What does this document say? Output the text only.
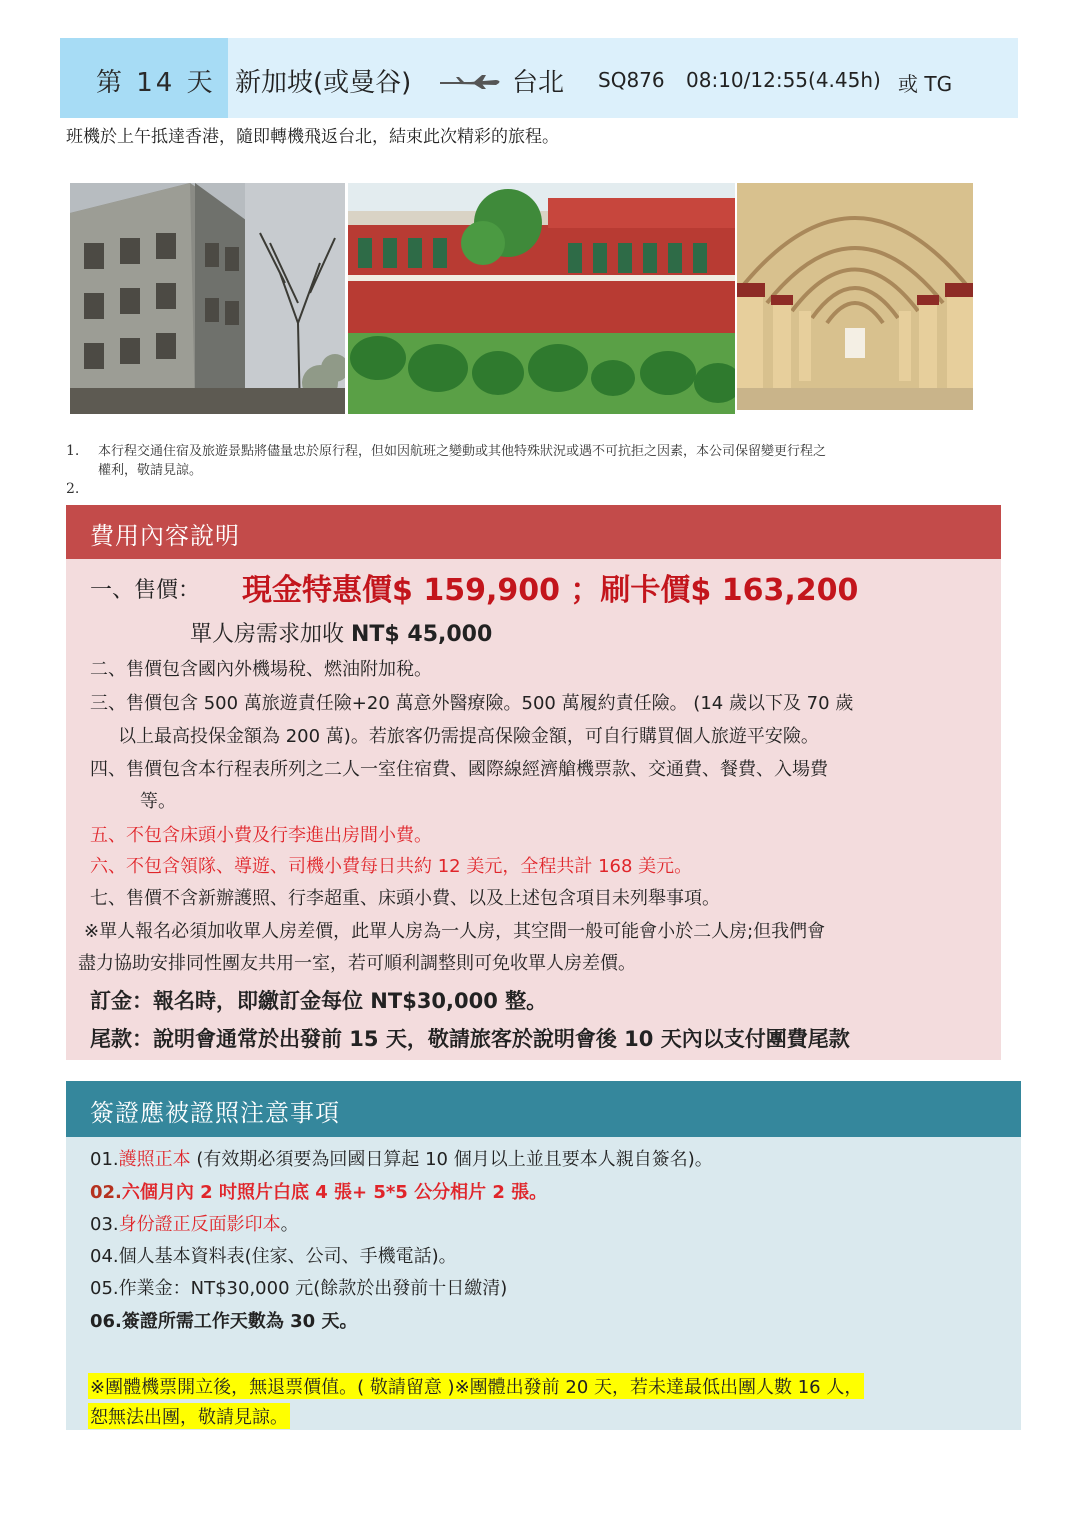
第 14 天 新加坡(或曼谷)	台北 SQ876 08:10/12:55(4.45h) 或 TG
班機於上午抵達香港，隨即轉機飛返台北，結束此次精彩的旅程。
1.	本行程交通住宿及旅遊景點將儘量忠於原行程，但如因航班之變動或其他特殊狀況或遇不可抗拒之因素，本公司保留變更行程之
權利，敬請見諒。
2.
費用內容說明
一、售價： 現金特惠價$ 159,900 ；刷卡價$ 163,200
單人房需求加收 NT$ 45,000
二、售價包含國內外機場稅、燃油附加稅。
三、售價包含 500 萬旅遊責任險+20 萬意外醫療險。500 萬履約責任險。 (14 歲以下及 70 歲
以上最高投保金額為 200 萬)。若旅客仍需提高保險金額，可自行購買個人旅遊平安險。
四、售價包含本行程表所列之二人一室住宿費、國際線經濟艙機票款、交通費、餐費、入場費
等。
五、不包含床頭小費及行李進出房間小費。
六、不包含領隊、導遊、司機小費每日共約 12 美元，全程共計 168 美元。
七、售價不含新辦護照、行李超重、床頭小費、以及上述包含項目未列舉事項。
※單人報名必須加收單人房差價，此單人房為一人房，其空間一般可能會小於二人房;但我們會
盡力協助安排同性團友共用一室，若可順利調整則可免收單人房差價。
訂金：報名時，即繳訂金每位 NT$30,000 整。
尾款：說明會通常於出發前 15 天，敬請旅客於說明會後 10 天內以支付團費尾款
簽證應被證照注意事項
01.護照正本 (有效期必須要為回國日算起 10 個月以上並且要本人親自簽名)。
02.六個月內 2 吋照片白底 4 張+ 5*5 公分相片 2 張。
03.身份證正反面影印本。
04.個人基本資料表(住家、公司、手機電話)。
05.作業金：NT$30,000 元(餘款於出發前十日繳清)
06.簽證所需工作天數為 30 天。
※團體機票開立後，無退票價值。( 敬請留意 )※團體出發前 20 天，若未達最低出團人數 16 人，
恕無法出團，敬請見諒。
